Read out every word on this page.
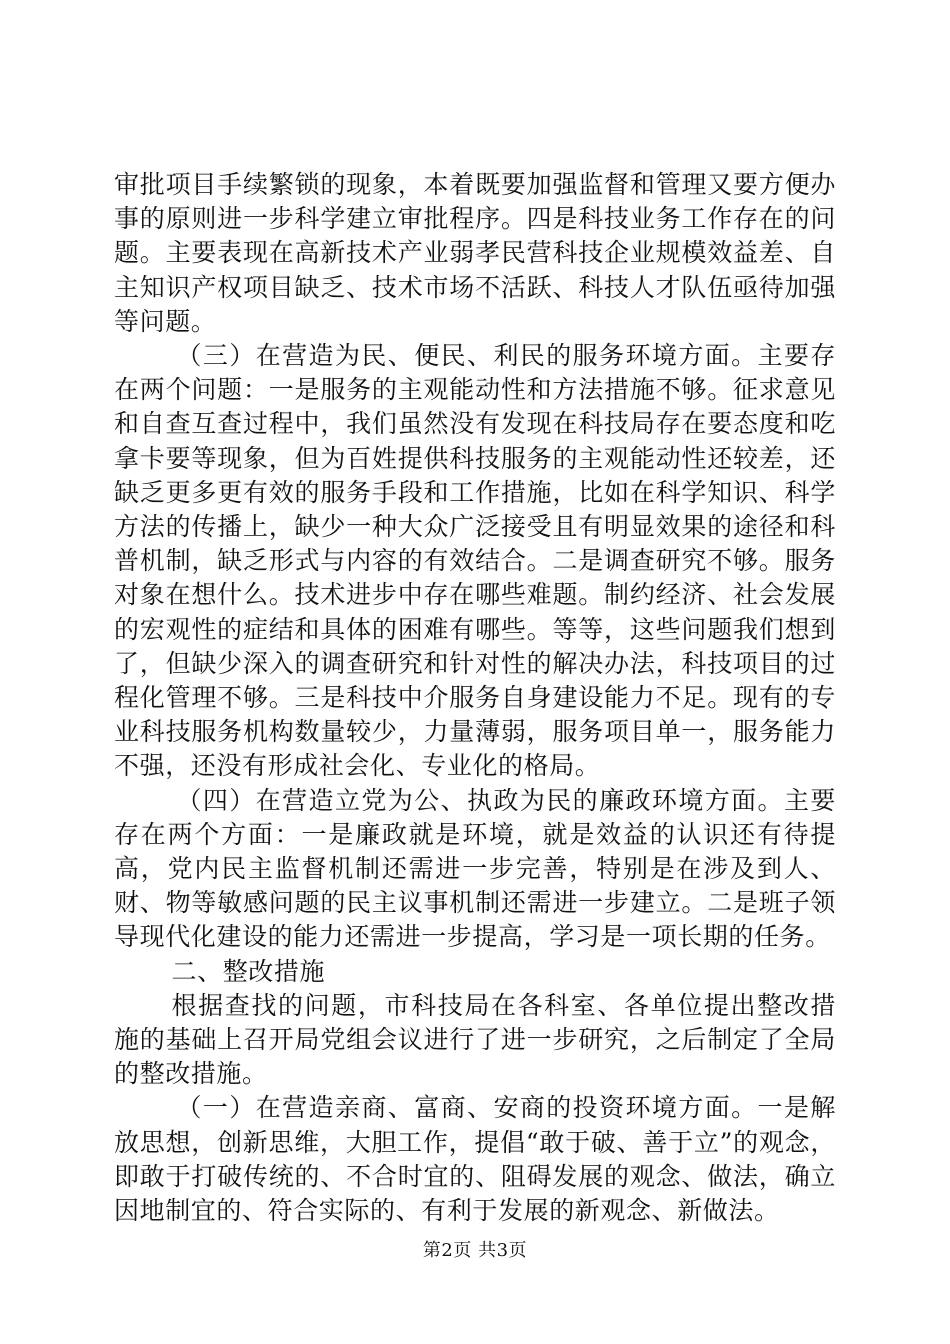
审批项目手续繁锁的现象，本着既要加强监督和管理又要方便办事的原则进一步科学建立审批程序。四是科技业务工作存在的问题。主要表现在高新技术产业弱孝民营科技企业规模效益差、自主知识产权项目缺乏、技术市场不活跃、科技人才队伍亟待加强等问题。

（三）在营造为民、便民、利民的服务环境方面。主要存在两个问题：一是服务的主观能动性和方法措施不够。征求意见和自查互查过程中，我们虽然没有发现在科技局存在要态度和吃拿卡要等现象，但为百姓提供科技服务的主观能动性还较差，还缺乏更多更有效的服务手段和工作措施，比如在科学知识、科学方法的传播上，缺少一种大众广泛接受且有明显效果的途径和科普机制，缺乏形式与内容的有效结合。二是调查研究不够。服务对象在想什么。技术进步中存在哪些难题。制约经济、社会发展的宏观性的症结和具体的困难有哪些。等等，这些问题我们想到了，但缺少深入的调查研究和针对性的解决办法，科技项目的过程化管理不够。三是科技中介服务自身建设能力不足。现有的专业科技服务机构数量较少，力量薄弱，服务项目单一，服务能力不强，还没有形成社会化、专业化的格局。

（四）在营造立党为公、执政为民的廉政环境方面。主要存在两个方面：一是廉政就是环境，就是效益的认识还有待提高，党内民主监督机制还需进一步完善，特别是在涉及到人、财、物等敏感问题的民主议事机制还需进一步建立。二是班子领导现代化建设的能力还需进一步提高，学习是一项长期的任务。

二、整改措施

根据查找的问题，市科技局在各科室、各单位提出整改措施的基础上召开局党组会议进行了进一步研究，之后制定了全局的整改措施。

（一）在营造亲商、富商、安商的投资环境方面。一是解放思想，创新思维，大胆工作，提倡“敢于破、善于立”的观念，即敢于打破传统的、不合时宜的、阻碍发展的观念、做法，确立因地制宜的、符合实际的、有利于发展的新观念、新做法。

第2页 共3页
